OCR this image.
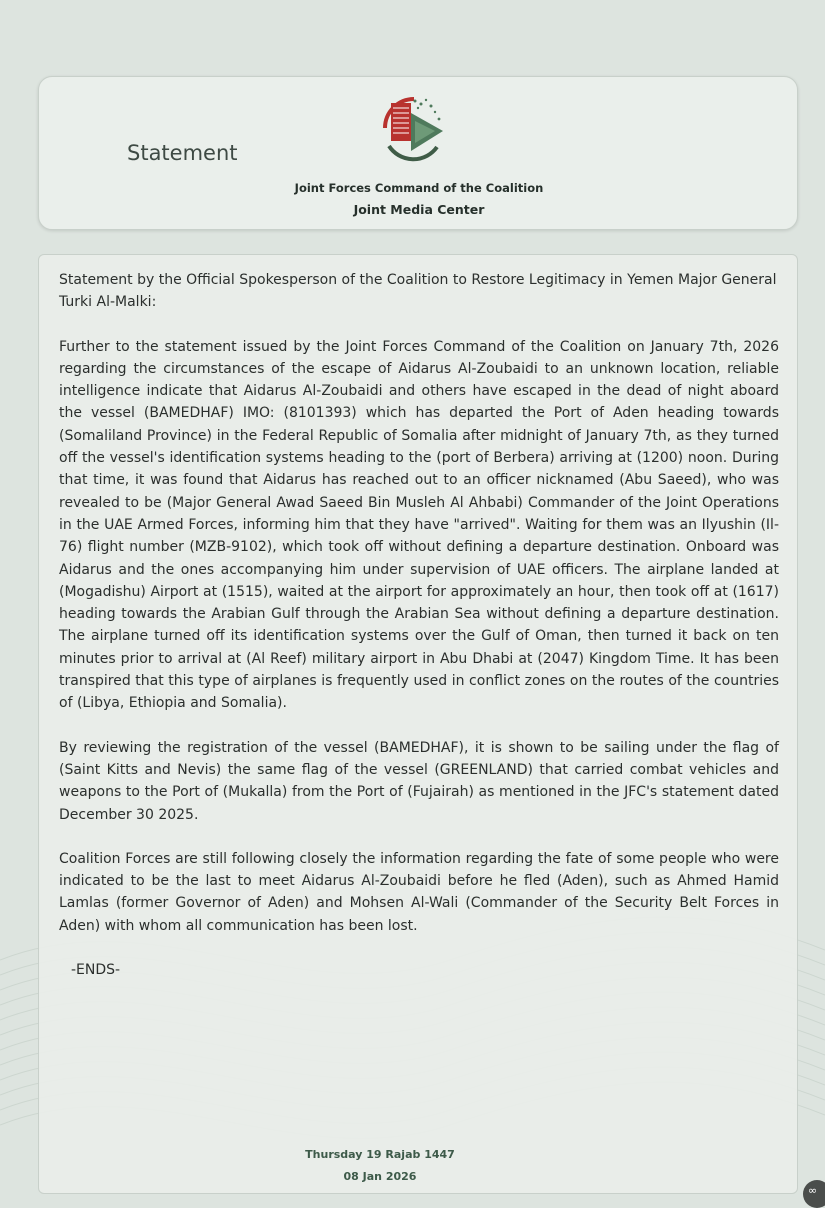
Statement
Joint Forces Command of the Coalition
Joint Media Center

Statement by the Official Spokesperson of the Coalition to Restore Legitimacy in Yemen Major General Turki Al-Malki:

Further to the statement issued by the Joint Forces Command of the Coalition on January 7th, 2026 regarding the circumstances of the escape of Aidarus Al-Zoubaidi to an unknown location, reliable intelligence indicate that Aidarus Al-Zoubaidi and others have escaped in the dead of night aboard the vessel (BAMEDHAF) IMO: (8101393) which has departed the Port of Aden heading towards (Somaliland Province) in the Federal Republic of Somalia after midnight of January 7th, as they turned off the vessel's identification systems heading to the (port of Berbera) arriving at (1200) noon. During that time, it was found that Aidarus has reached out to an officer nicknamed (Abu Saeed), who was revealed to be (Major General Awad Saeed Bin Musleh Al Ahbabi) Commander of the Joint Operations in the UAE Armed Forces, informing him that they have "arrived". Waiting for them was an Ilyushin (Il-76) flight number (MZB-9102), which took off without defining a departure destination. Onboard was Aidarus and the ones accompanying him under supervision of UAE officers. The airplane landed at (Mogadishu) Airport at (1515), waited at the airport for approximately an hour, then took off at (1617) heading towards the Arabian Gulf through the Arabian Sea without defining a departure destination. The airplane turned off its identification systems over the Gulf of Oman, then turned it back on ten minutes prior to arrival at (Al Reef) military airport in Abu Dhabi at (2047) Kingdom Time. It has been transpired that this type of airplanes is frequently used in conflict zones on the routes of the countries of (Libya, Ethiopia and Somalia).

By reviewing the registration of the vessel (BAMEDHAF), it is shown to be sailing under the flag of (Saint Kitts and Nevis) the same flag of the vessel (GREENLAND) that carried combat vehicles and weapons to the Port of (Mukalla) from the Port of (Fujairah) as mentioned in the JFC's statement dated December 30 2025.

Coalition Forces are still following closely the information regarding the fate of some people who were indicated to be the last to meet Aidarus Al-Zoubaidi before he fled (Aden), such as Ahmed Hamid Lamlas (former Governor of Aden) and Mohsen Al-Wali (Commander of the Security Belt Forces in Aden) with whom all communication has been lost.

-ENDS-

Thursday 19 Rajab 1447
08 Jan 2026
∞
